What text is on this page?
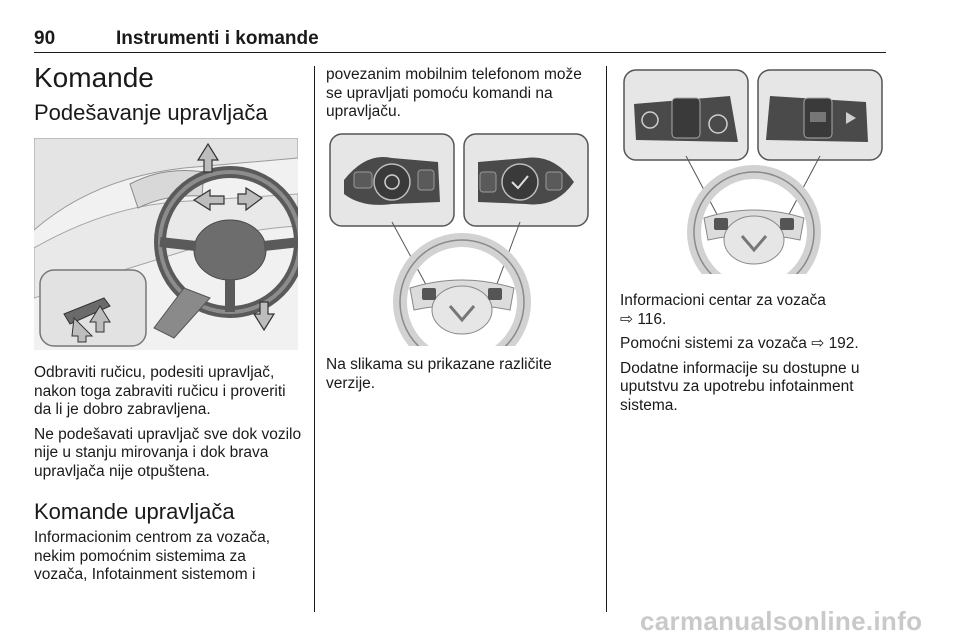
90	Instrumenti i komande
Komande
Podešavanje upravljača

Odbraviti ručicu, podesiti upravljač, nakon toga zabraviti ručicu i proveriti da li je dobro zabravljena.

Ne podešavati upravljač sve dok vozilo nije u stanju mirovanja i dok brava upravljača nije otpuštena.

Komande upravljača

Informacionim centrom za vozača, nekim pomoćnim sistemima za vozača, Infotainment sistemom i

povezanim mobilnim telefonom može se upravljati pomoću komandi na upravljaču.

Na slikama su prikazane različite verzije.

Informacioni centar za vozača
⇨ 116.

Pomoćni sistemi za vozača ⇨ 192.

Dodatne informacije su dostupne u uputstvu za upotrebu infotainment sistema.

carmanualsonline.info
